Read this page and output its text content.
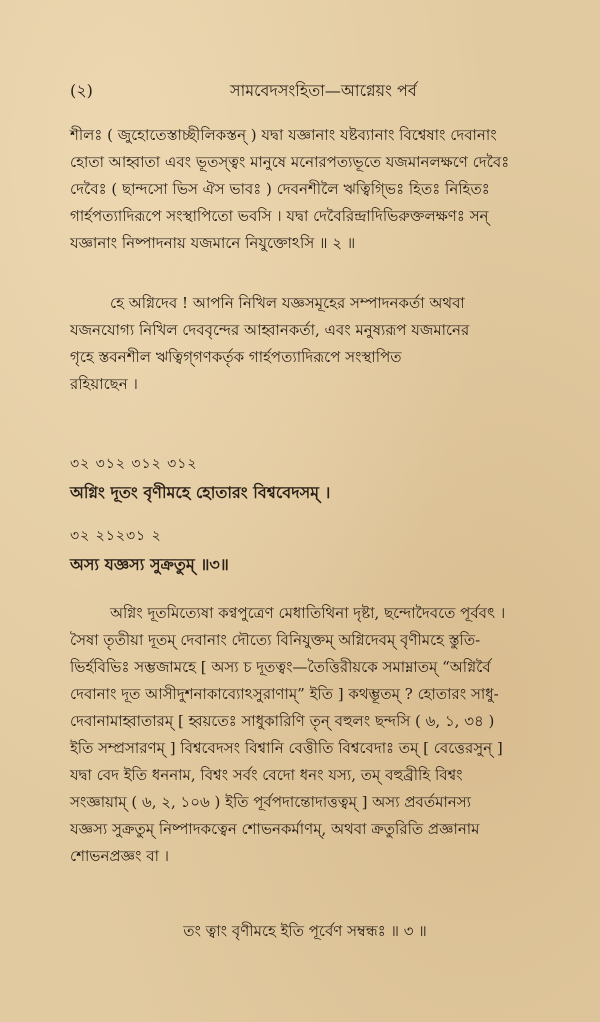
(২)	সামবেদসংহিতা—আগ্নেয়ং পর্ব

শীলঃ ( জুহোতেস্তাচ্ছীলিকস্তন্ ) যদ্বা যজ্ঞানাং যষ্টব্যানাং বিশ্বেষাং দেবানাং

হোতা আহ্বাতা এবং ভূতস্ত্বং মানুষে মনোরপত্যভূতে যজমানলক্ষণে দেবৈঃ

দেবৈঃ ( ছান্দসো ভিস ঐস ভাবঃ ) দেবনশীলৈ ঋত্বিগ্ভিঃ হিতঃ নিহিতঃ

গার্হপত্যাদিরূপে সংস্থাপিতো ভবসি । যদ্বা দেবৈরিন্দ্রাদিভিরুক্তলক্ষণঃ সন্

যজ্ঞানাং নিষ্পাদনায় যজমানে নিযুক্তোঽসি ॥ ২ ॥

হে অগ্নিদেব ! আপনি নিখিল যজ্ঞসমূহের সম্পাদনকর্তা অথবা

যজনযোগ্য নিখিল দেববৃন্দের আহ্বানকর্তা, এবং মনুষ্যরূপ যজমানের

গৃহে স্তবনশীল ঋত্বিগ্‌গণকর্তৃক গার্হপত্যাদিরূপে সংস্থাপিত

রহিয়াছেন ।

৩২ ৩১২ ৩১২ ৩১২
অগ্নিং দূতং বৃণীমহে হোতারং বিশ্ববেদসম্ ।
৩২ ২১২৩১ ২
অস্য যজ্ঞস্য সুক্রতুম্ ॥৩॥

অগ্নিং দূতমিত্যেষা কণ্বপুত্রেণ মেধাতিথিনা দৃষ্টা, ছন্দোদৈবতে পূর্ববৎ ।

সৈষা তৃতীয়া দূতম্ দেবানাং দৌত্যে বিনিযুক্তম্ অগ্নিদেবম্ বৃণীমহে স্তুতি-

ভিৰ্হবিভিঃ সম্ভজামহে [ অস্য চ দূতত্বং—তৈত্তিরীয়কে সমাম্নাতম্ “অগ্নির্বৈ

দেবানাং দূত আসীদুশনাকাব্যোঽসুরাণাম্” ইতি ] কথম্ভূতম্ ? হোতারং সাধু-

দেবানামাহ্বাতারম্ [ হ্বয়তেঃ সাধুকারিণি তৃন্ বহুলং ছন্দসি ( ৬, ১, ৩৪ )

ইতি সম্প্রসারণম্ ] বিশ্ববেদসং বিশ্বানি বেত্তীতি বিশ্ববেদাঃ তম্ [ বেত্তেরসুন্ ]

যদ্বা বেদ ইতি ধননাম, বিশ্বং সর্বং বেদো ধনং যস্য, তম্ বহুব্রীহি বিশ্বং

সংজ্ঞায়াম্ ( ৬, ২, ১০৬ ) ইতি পূর্বপদান্তোদাত্তত্বম্ ] অস্য প্রবর্তমানস্য

যজ্ঞস্য সুক্রতুম্ নিষ্পাদকত্বেন শোভনকর্মাণম্, অথবা ক্রতুরিতি প্রজ্ঞানাম

শোভনপ্রজ্ঞং বা ।

তং ত্বাং বৃণীমহে ইতি পূর্বেণ সম্বন্ধঃ ॥ ৩ ॥
